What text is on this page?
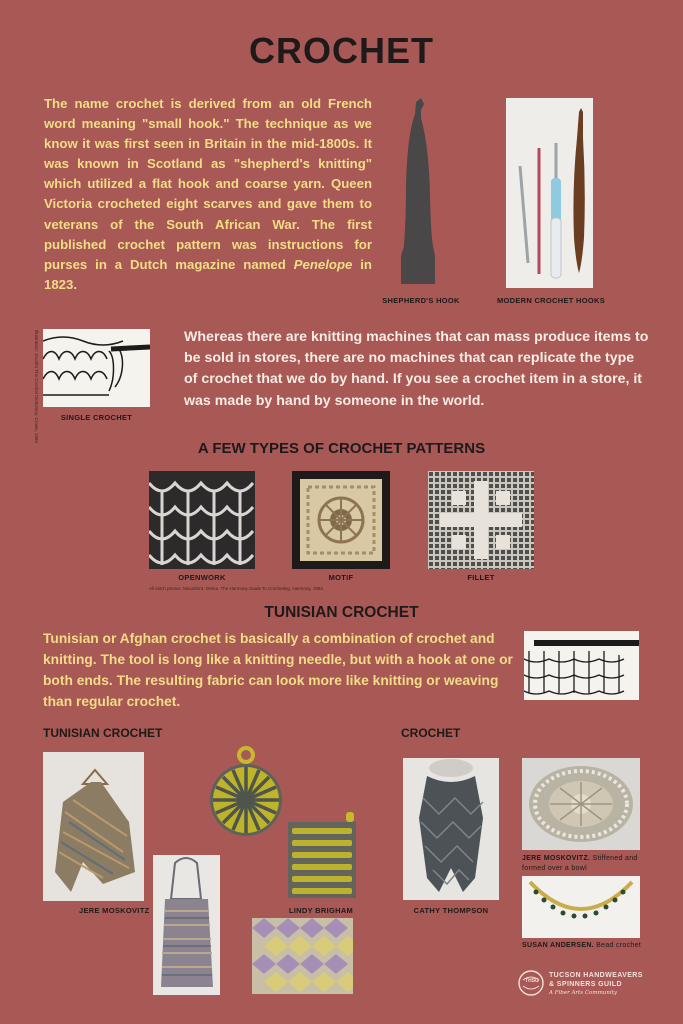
CROCHET

The name crochet is derived from an old French word meaning "small hook." The technique as we know it was first seen in Britain in the mid-1800s. It was known in Scotland as "shepherd's knitting" which utilized a flat hook and coarse yarn. Queen Victoria crocheted eight scarves and gave them to veterans of the South African War. The first published crochet pattern was instructions for purses in a Dutch magazine named Penelope in 1823.

SHEPHERD'S HOOK	MODERN CROCHET HOOKS
Illustration: Jacob's The Crochet Dictionary. Crown, 1984	SINGLE CROCHET

Whereas there are knitting machines that can mass produce items to be sold in stores, there are no machines that can replicate the type of crochet that we do by hand. If you see a crochet item in a store, it was made by hand by someone in the world.

A FEW TYPES OF CROCHET PATTERNS
OPENWORK	MOTIF	FILLET
All stitch photos: Mountford, Debra. The Harmony Guide To Crocheting. Harmony, 1992.
TUNISIAN CROCHET

Tunisian or Afghan crochet is basically a combination of crochet and knitting. The tool is long like a knitting needle, but with a hook at one or both ends. The resulting fabric can look more like knitting or weaving than regular crochet.

TUNISIAN CROCHET	CROCHET
JERE MOSKOVITZ	LINDY BRIGHAM	CATHY THOMPSON
JERE MOSKOVITZ. Stiffened and formed over a bowl
SUSAN ANDERSEN. Bead crochet
THSG
TUCSON HANDWEAVERS
& SPINNERS GUILD
A Fiber Arts Community
